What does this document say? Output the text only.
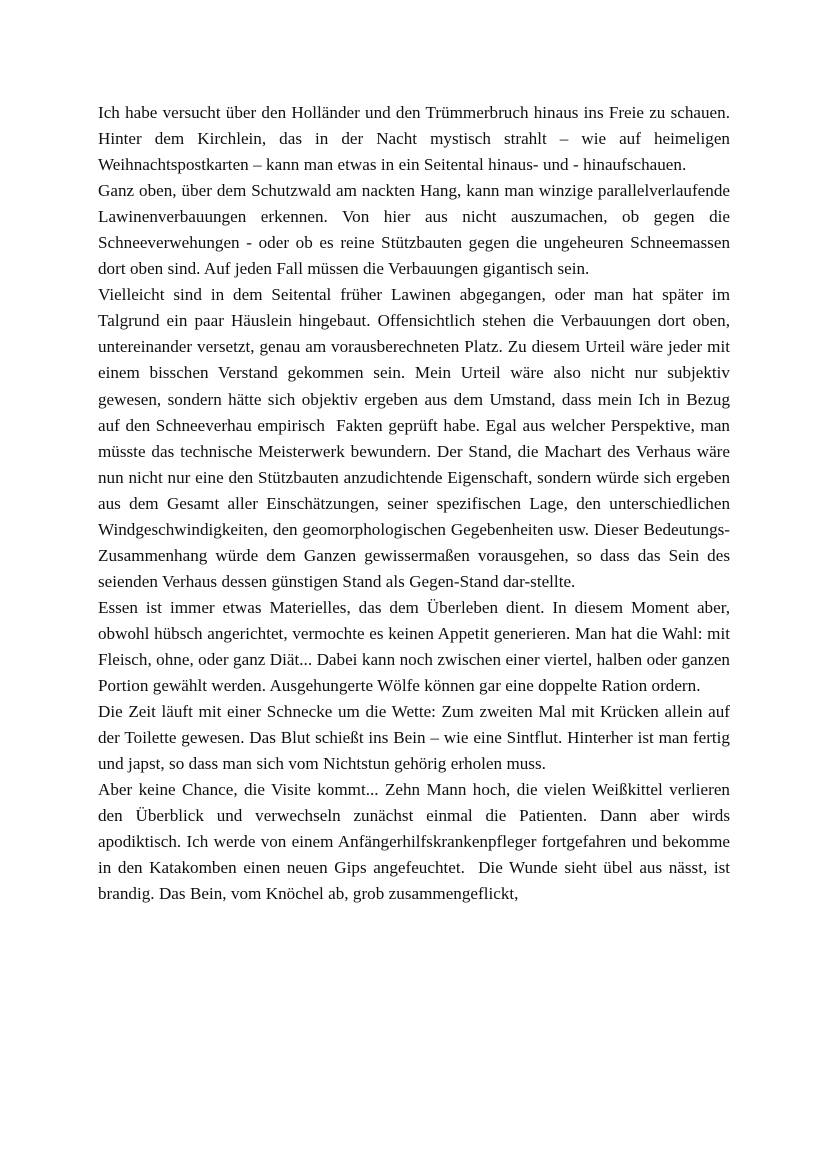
Ich habe versucht über den Holländer und den Trümmerbruch hinaus ins Freie zu schauen. Hinter dem Kirchlein, das in der Nacht mystisch strahlt – wie auf heimeligen Weihnachtspostkarten – kann man etwas in ein Seitental hinaus- und - hinaufschauen.

Ganz oben, über dem Schutzwald am nackten Hang, kann man winzige parallelverlaufende Lawinenverbauungen erkennen. Von hier aus nicht auszumachen, ob gegen die Schneeverwehungen - oder ob es reine Stützbauten gegen die ungeheuren Schneemassen dort oben sind. Auf jeden Fall müssen die Verbauungen gigantisch sein.

Vielleicht sind in dem Seitental früher Lawinen abgegangen, oder man hat später im Talgrund ein paar Häuslein hingebaut. Offensichtlich stehen die Verbauungen dort oben, untereinander versetzt, genau am vorausberechneten Platz. Zu diesem Urteil wäre jeder mit einem bisschen Verstand gekommen sein. Mein Urteil wäre also nicht nur subjektiv gewesen, sondern hätte sich objektiv ergeben aus dem Umstand, dass mein Ich in Bezug auf den Schneeverhau empirisch  Fakten geprüft habe. Egal aus welcher Perspektive, man müsste das technische Meisterwerk bewundern. Der Stand, die Machart des Verhaus wäre nun nicht nur eine den Stützbauten anzudichtende Eigenschaft, sondern würde sich ergeben aus dem Gesamt aller Einschätzungen, seiner spezifischen Lage, den unterschiedlichen Windgeschwindigkeiten, den geomorphologischen Gegebenheiten usw. Dieser Bedeutungs-Zusammenhang würde dem Ganzen gewissermaßen vorausgehen, so dass das Sein des seienden Verhaus dessen günstigen Stand als Gegen-Stand dar-stellte.

Essen ist immer etwas Materielles, das dem Überleben dient. In diesem Moment aber, obwohl hübsch angerichtet, vermochte es keinen Appetit generieren. Man hat die Wahl: mit Fleisch, ohne, oder ganz Diät... Dabei kann noch zwischen einer viertel, halben oder ganzen Portion gewählt werden. Ausgehungerte Wölfe können gar eine doppelte Ration ordern.

Die Zeit läuft mit einer Schnecke um die Wette: Zum zweiten Mal mit Krücken allein auf der Toilette gewesen. Das Blut schießt ins Bein – wie eine Sintflut. Hinterher ist man fertig und japst, so dass man sich vom Nichtstun gehörig erholen muss.

Aber keine Chance, die Visite kommt... Zehn Mann hoch, die vielen Weißkittel verlieren den Überblick und verwechseln zunächst einmal die Patienten. Dann aber wirds apodiktisch. Ich werde von einem Anfängerhilfskrankenpfleger fortgefahren und bekomme in den Katakomben einen neuen Gips angefeuchtet.  Die Wunde sieht übel aus nässt, ist brandig. Das Bein, vom Knöchel ab, grob zusammengeflickt,
